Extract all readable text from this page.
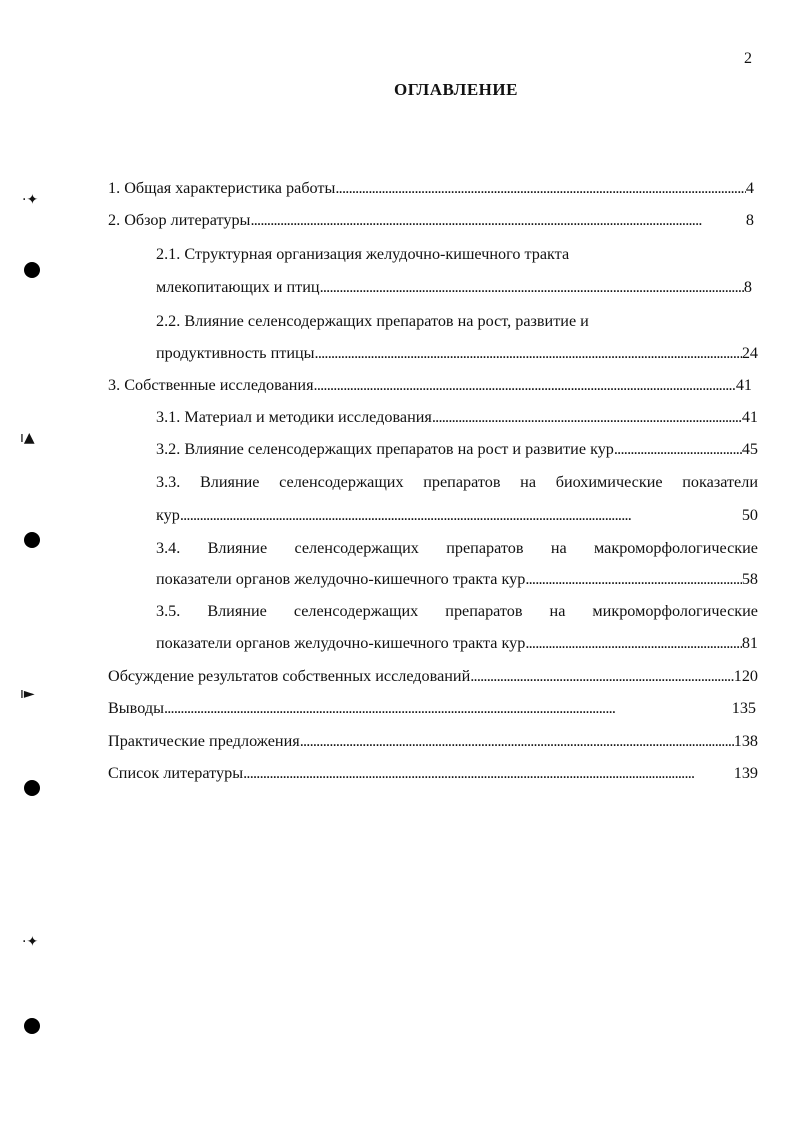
2
ОГЛАВЛЕНИЕ
1. Общая характеристика работы . . .	4
2. Обзор литературы . . .	8
2.1. Структурная организация желудочно-кишечного тракта
млекопитающих и птиц . . .	8
2.2. Влияние селенсодержащих препаратов на рост, развитие и
продуктивность птицы . . .	24
3. Собственные исследования . . .	41
3.1. Материал и методики исследования . . .	41
3.2. Влияние селенсодержащих препаратов на рост и развитие кур . . .	45
3.3. Влияние селенсодержащих препаратов на биохимические показатели
кур . . .	50
3.4. Влияние селенсодержащих препаратов на макроморфологические
показатели органов желудочно-кишечного тракта кур . . .	58
3.5. Влияние селенсодержащих препаратов на микроморфологические
показатели органов желудочно-кишечного тракта кур . . .	81
Обсуждение результатов собственных исследований . . .	120
Выводы . . .	135
Практические предложения . . .	138
Список литературы . . .	139
·✦
ı▲
ı►
·✦
